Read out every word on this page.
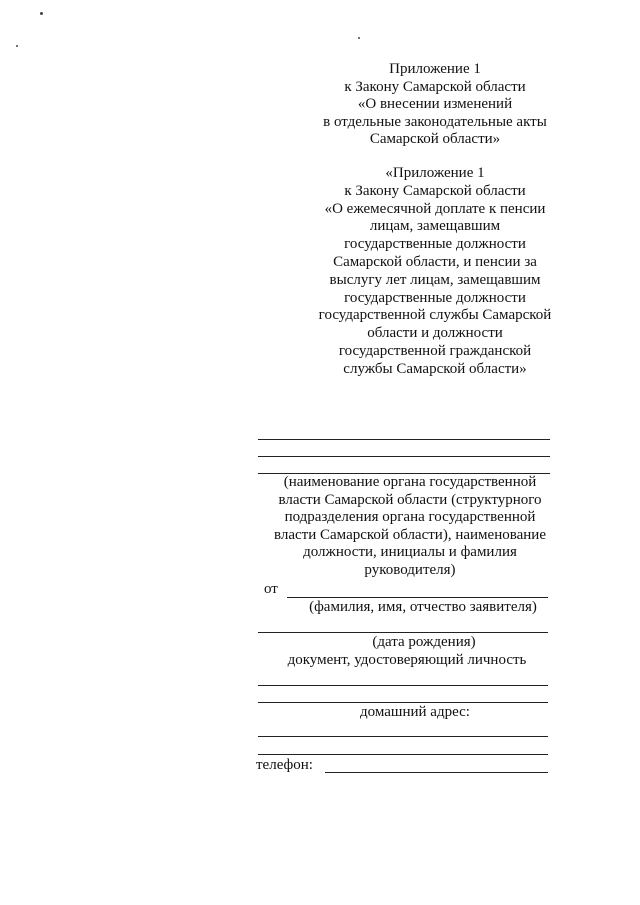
Приложение 1
к Закону Самарской области
«О внесении изменений
в отдельные законодательные акты
Самарской области»
«Приложение 1
к Закону Самарской области
«О ежемесячной доплате к пенсии
лицам, замещавшим
государственные должности
Самарской области, и пенсии за
выслугу лет лицам, замещавшим
государственные должности
государственной службы Самарской
области и должности
государственной гражданской
службы Самарской области»
(наименование органа государственной
власти Самарской области (структурного
подразделения органа государственной
власти Самарской области), наименование
должности, инициалы и фамилия
руководителя)
от
(фамилия, имя, отчество заявителя)
(дата рождения)
документ, удостоверяющий личность
домашний адрес:
телефон:
